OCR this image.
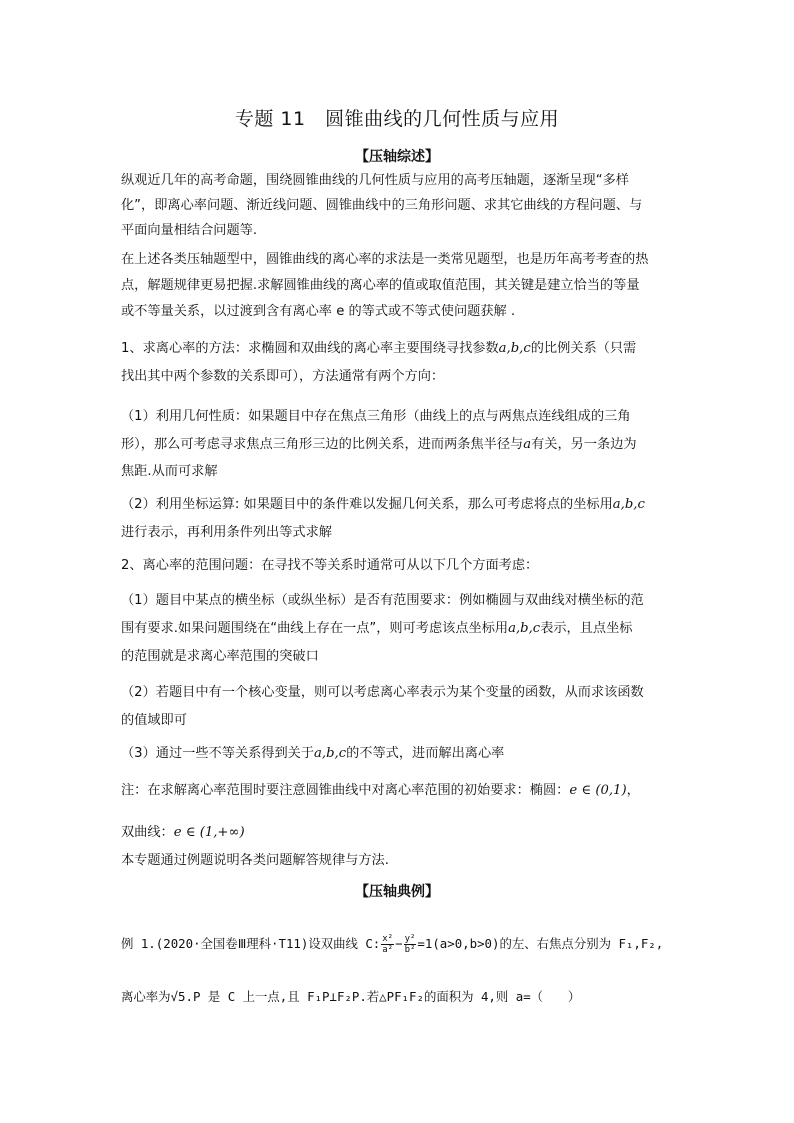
专题 11　圆锥曲线的几何性质与应用
【压轴综述】
纵观近几年的高考命题，围绕圆锥曲线的几何性质与应用的高考压轴题，逐渐呈现“多样
化”，即离心率问题、渐近线问题、圆锥曲线中的三角形问题、求其它曲线的方程问题、与
平面向量相结合问题等.
在上述各类压轴题型中，圆锥曲线的离心率的求法是一类常见题型，也是历年高考考查的热
点，解题规律更易把握.求解圆锥曲线的离心率的值或取值范围，其关键是建立恰当的等量
或不等量关系，以过渡到含有离心率 e 的等式或不等式使问题获解 .
1、求离心率的方法：求椭圆和双曲线的离心率主要围绕寻找参数a,b,c的比例关系（只需
找出其中两个参数的关系即可），方法通常有两个方向：
（1）利用几何性质：如果题目中存在焦点三角形（曲线上的点与两焦点连线组成的三角
形），那么可考虑寻求焦点三角形三边的比例关系，进而两条焦半径与a有关，另一条边为
焦距.从而可求解
（2）利用坐标运算: 如果题目中的条件难以发掘几何关系，那么可考虑将点的坐标用a,b,c
进行表示，再利用条件列出等式求解
2、离心率的范围问题：在寻找不等关系时通常可从以下几个方面考虑：
（1）题目中某点的横坐标（或纵坐标）是否有范围要求：例如椭圆与双曲线对横坐标的范
围有要求.如果问题围绕在“曲线上存在一点”，则可考虑该点坐标用a,b,c表示，且点坐标
的范围就是求离心率范围的突破口
（2）若题目中有一个核心变量，则可以考虑离心率表示为某个变量的函数，从而求该函数
的值域即可
（3）通过一些不等关系得到关于a,b,c的不等式，进而解出离心率
注：在求解离心率范围时要注意圆锥曲线中对离心率范围的初始要求：椭圆：e ∈ (0,1)，
双曲线：e ∈ (1,+∞)
本专题通过例题说明各类问题解答规律与方法.
【压轴典例】
例 1.(2020·全国卷Ⅲ理科·T11)设双曲线 C: $\frac{\text{x²}}{\text{a²}} - \frac{\text{y²}}{\text{b²}} =1(a>0,b>0)$的左、右焦点分别为 F₁,F₂,
离心率为√5.P 是 C 上一点,且 F₁P⊥F₂P.若△PF₁F₂的面积为 4,则 a=（　　）
